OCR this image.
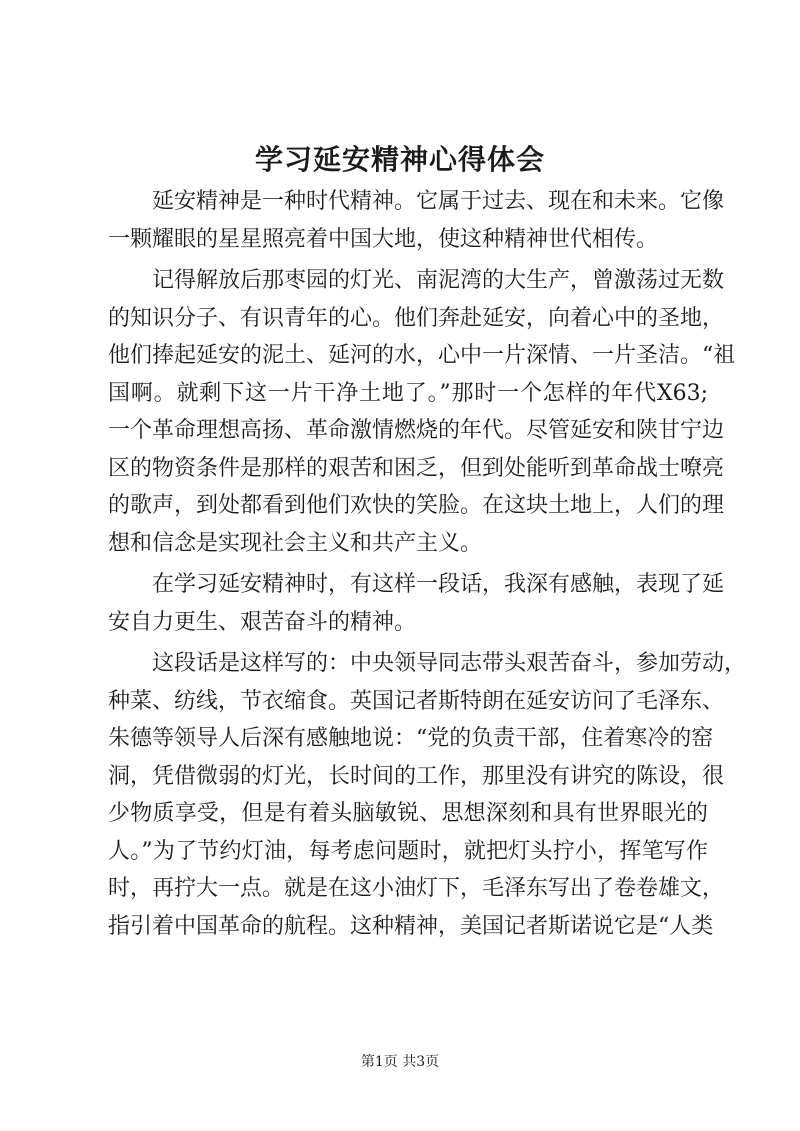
学习延安精神心得体会
延安精神是一种时代精神。它属于过去、现在和未来。它像
一颗耀眼的星星照亮着中国大地，使这种精神世代相传。
记得解放后那枣园的灯光、南泥湾的大生产，曾激荡过无数
的知识分子、有识青年的心。他们奔赴延安，向着心中的圣地，
他们捧起延安的泥土、延河的水，心中一片深情、一片圣洁。“祖
国啊。就剩下这一片干净土地了。”那时一个怎样的年代X63;
一个革命理想高扬、革命激情燃烧的年代。尽管延安和陕甘宁边
区的物资条件是那样的艰苦和困乏，但到处能听到革命战士嘹亮
的歌声，到处都看到他们欢快的笑脸。在这块土地上，人们的理
想和信念是实现社会主义和共产主义。
在学习延安精神时，有这样一段话，我深有感触，表现了延
安自力更生、艰苦奋斗的精神。
这段话是这样写的：中央领导同志带头艰苦奋斗，参加劳动，
种菜、纺线，节衣缩食。英国记者斯特朗在延安访问了毛泽东、
朱德等领导人后深有感触地说：“党的负责干部，住着寒冷的窑
洞，凭借微弱的灯光，长时间的工作，那里没有讲究的陈设，很
少物质享受，但是有着头脑敏锐、思想深刻和具有世界眼光的
人。”为了节约灯油，每考虑问题时，就把灯头拧小，挥笔写作
时，再拧大一点。就是在这小油灯下，毛泽东写出了卷卷雄文，
指引着中国革命的航程。这种精神，美国记者斯诺说它是“人类
第1页 共3页
